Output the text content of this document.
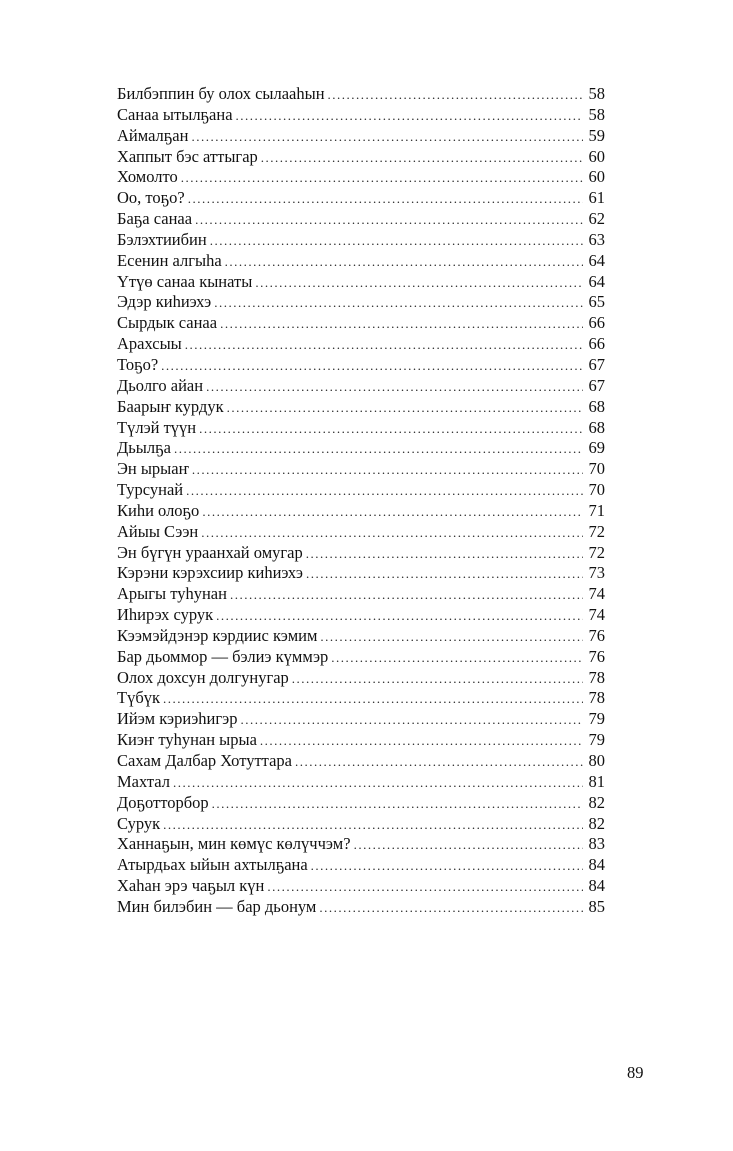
Билбэппин бу олох сылааһын .....	58
Санаа ытылҕана .....	58
Аймалҕан .....	59
Хаппыт бэс аттыгар .....	60
Хомолто .....	60
Оо, тоҕо? .....	61
Баҕа санаа .....	62
Бэлэхтиибин .....	63
Есенин алгыһа .....	64
Үтүө санаа кынаты .....	64
Эдэр киһиэхэ .....	65
Сырдык санаа .....	66
Арахсыы .....	66
Тоҕо? .....	67
Дьолго айан .....	67
Баарыҥ курдук .....	68
Түлэй түүн .....	68
Дьылҕа .....	69
Эн ырыаҥ .....	70
Турсунай .....	70
Киһи олоҕо .....	71
Айыы Сээн .....	72
Эн бүгүн ураанхай омугар .....	72
Кэрэни кэрэхсиир киһиэхэ .....	73
Арыгы туһунан .....	74
Иһирэх сурук .....	74
Кээмэйдэнэр кэрдиис кэмим .....	76
Бар дьоммор — бэлиэ күммэр .....	76
Олох дохсун долгунугар .....	78
Түбүк .....	78
Ийэм кэриэһигэр .....	79
Киэҥ туһунан ырыа .....	79
Сахам Далбар Хотуттара .....	80
Махтал .....	81
Доҕотторбор .....	82
Сурук .....	82
Ханнаҕын, мин көмүс көлүччэм? .....	83
Атырдьах ыйын ахтылҕана .....	84
Хаһан эрэ чаҕыл күн .....	84
Мин билэбин — бар дьонум .....	85
89
